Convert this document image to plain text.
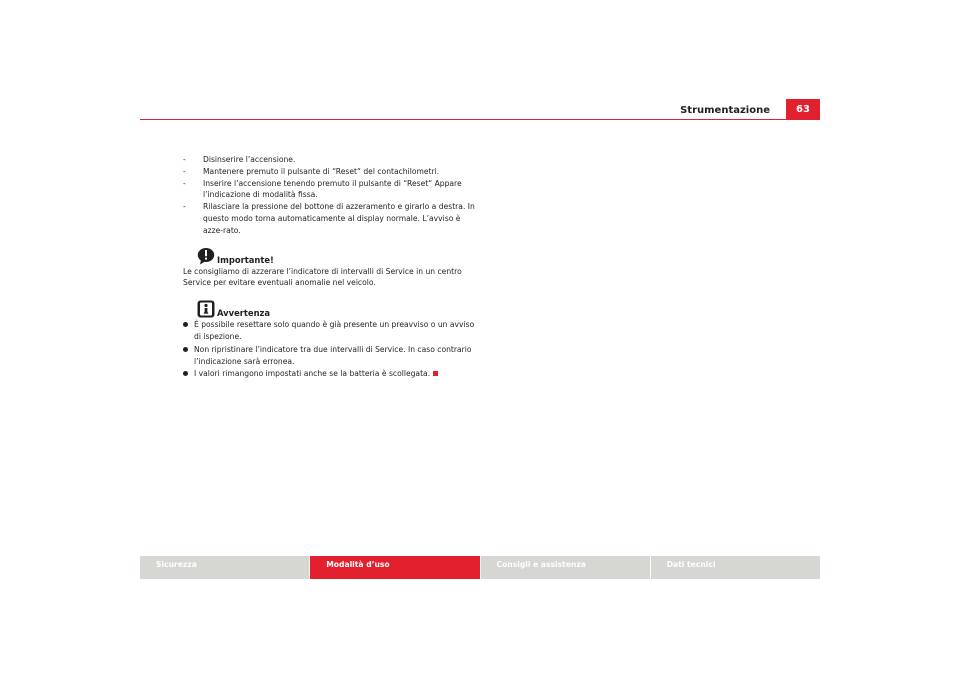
Strumentazione	63
-	Disinserire l’accensione.
-	Mantenere premuto il pulsante di “Reset“ del contachilometri.
-	Inserire l’accensione tenendo premuto il pulsante di “Reset“ Appare l’indicazione di modalità fissa.
-	Rilasciare la pressione del bottone di azzeramento e girarlo a destra. In questo modo torna automaticamente al display normale. L’avviso è azze-rato.
Importante!
Le consigliamo di azzerare l’indicatore di intervalli di Service in un centro Service per evitare eventuali anomalie nel veicolo.
Avvertenza
È possibile resettare solo quando è già presente un preavviso o un avviso di ispezione.
Non ripristinare l’indicatore tra due intervalli di Service. In caso contrario l’indicazione sarà erronea.
I valori rimangono impostati anche se la batteria è scollegata.
Sicurezza	Modalità d’uso	Consigli e assistenza	Dati tecnici
